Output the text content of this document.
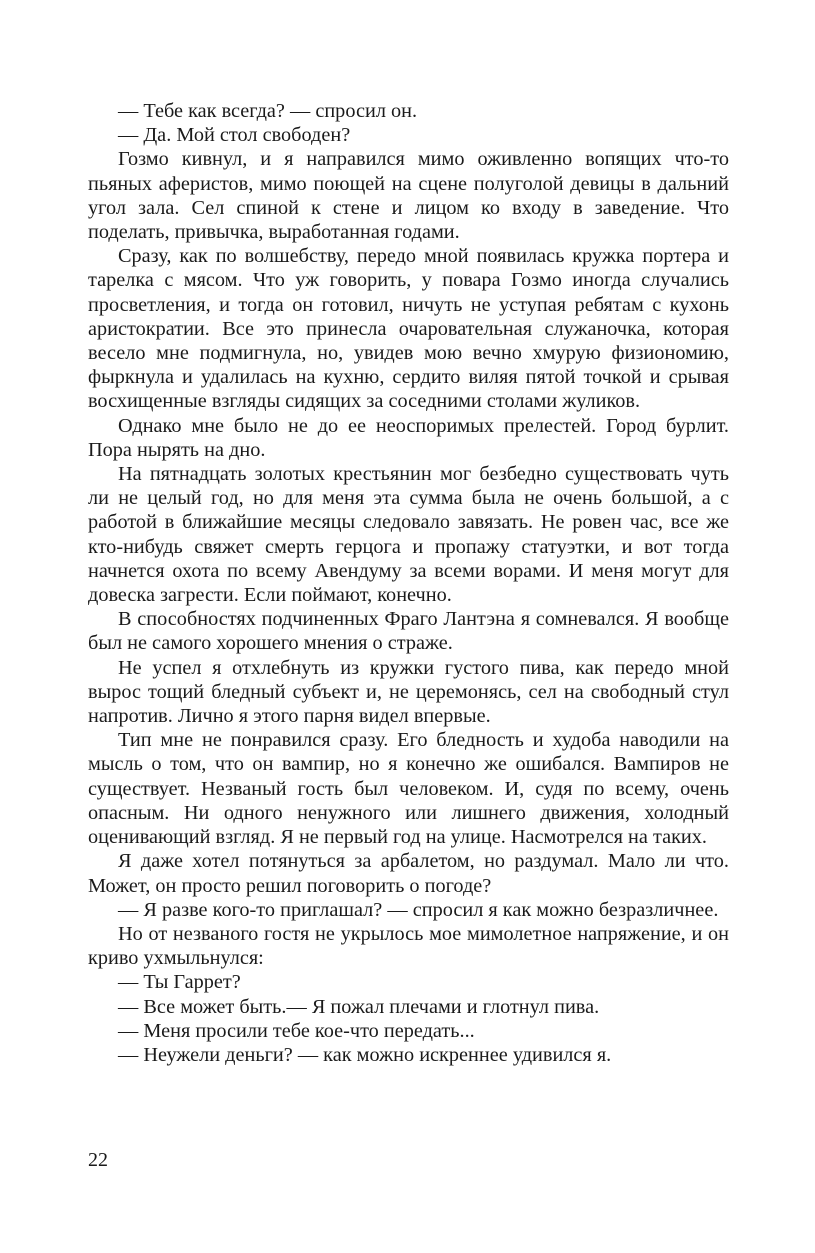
— Тебе как всегда? — спросил он.

— Да. Мой стол свободен?

Гозмо кивнул, и я направился мимо оживленно вопящих что-то пьяных аферистов, мимо поющей на сцене полуголой девицы в дальний угол зала. Сел спиной к стене и лицом ко входу в заведение. Что поделать, привычка, выработанная годами.

Сразу, как по волшебству, передо мной появилась кружка портера и тарелка с мясом. Что уж говорить, у повара Гозмо иногда случались просветления, и тогда он готовил, ничуть не уступая ребятам с кухонь аристократии. Все это принесла очаровательная служаночка, которая весело мне подмигнула, но, увидев мою вечно хмурую физиономию, фыркнула и удалилась на кухню, сердито виляя пятой точкой и срывая восхищенные взгляды сидящих за соседними столами жуликов.

Однако мне было не до ее неоспоримых прелестей. Город бурлит. Пора нырять на дно.

На пятнадцать золотых крестьянин мог безбедно существовать чуть ли не целый год, но для меня эта сумма была не очень большой, а с работой в ближайшие месяцы следовало завязать. Не ровен час, все же кто-нибудь свяжет смерть герцога и пропажу статуэтки, и вот тогда начнется охота по всему Авендуму за всеми ворами. И меня могут для довеска загрести. Если поймают, конечно.

В способностях подчиненных Фраго Лантэна я сомневался. Я вообще был не самого хорошего мнения о страже.

Не успел я отхлебнуть из кружки густого пива, как передо мной вырос тощий бледный субъект и, не церемонясь, сел на свободный стул напротив. Лично я этого парня видел впервые.

Тип мне не понравился сразу. Его бледность и худоба наводили на мысль о том, что он вампир, но я конечно же ошибался. Вампиров не существует. Незваный гость был человеком. И, судя по всему, очень опасным. Ни одного ненужного или лишнего движения, холодный оценивающий взгляд. Я не первый год на улице. Насмотрелся на таких.

Я даже хотел потянуться за арбалетом, но раздумал. Мало ли что. Может, он просто решил поговорить о погоде?

— Я разве кого-то приглашал? — спросил я как можно безразличнее.

Но от незваного гостя не укрылось мое мимолетное напряжение, и он криво ухмыльнулся:

— Ты Гаррет?

— Все может быть.— Я пожал плечами и глотнул пива.

— Меня просили тебе кое-что передать...

— Неужели деньги? — как можно искреннее удивился я.

22
